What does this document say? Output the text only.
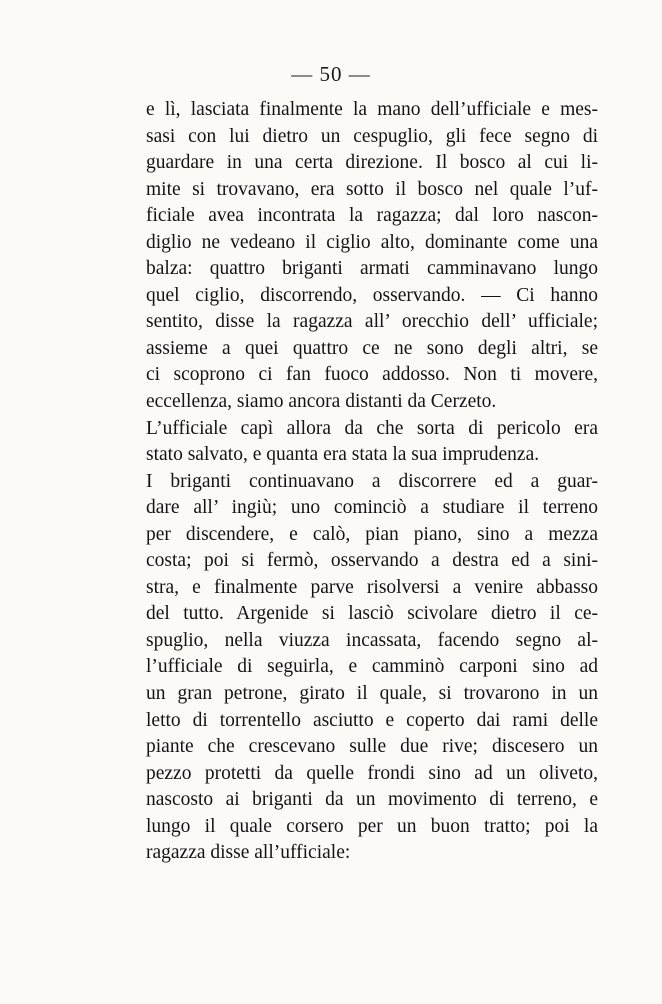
— 50 —
e lì, lasciata finalmente la mano dell’ufficiale e mes-
sasi con lui dietro un cespuglio, gli fece segno di
guardare in una certa direzione. Il bosco al cui li-
mite si trovavano, era sotto il bosco nel quale l’uf-
ficiale avea incontrata la ragazza; dal loro nascon-
diglio ne vedeano il ciglio alto, dominante come una
balza: quattro briganti armati camminavano lungo
quel ciglio, discorrendo, osservando. — Ci hanno
sentito, disse la ragazza all’ orecchio dell’ ufficiale;
assieme a quei quattro ce ne sono degli altri, se
ci scoprono ci fan fuoco addosso. Non ti movere,
eccellenza, siamo ancora distanti da Cerzeto.
L’ufficiale capì allora da che sorta di pericolo era
stato salvato, e quanta era stata la sua imprudenza.
I briganti continuavano a discorrere ed a guar-
dare all’ ingiù; uno cominciò a studiare il terreno
per discendere, e calò, pian piano, sino a mezza
costa; poi si fermò, osservando a destra ed a sini-
stra, e finalmente parve risolversi a venire abbasso
del tutto. Argenide si lasciò scivolare dietro il ce-
spuglio, nella viuzza incassata, facendo segno al-
l’ufficiale di seguirla, e camminò carponi sino ad
un gran petrone, girato il quale, si trovarono in un
letto di torrentello asciutto e coperto dai rami delle
piante che crescevano sulle due rive; discesero un
pezzo protetti da quelle frondi sino ad un oliveto,
nascosto ai briganti da un movimento di terreno, e
lungo il quale corsero per un buon tratto; poi la
ragazza disse all’ufficiale:
